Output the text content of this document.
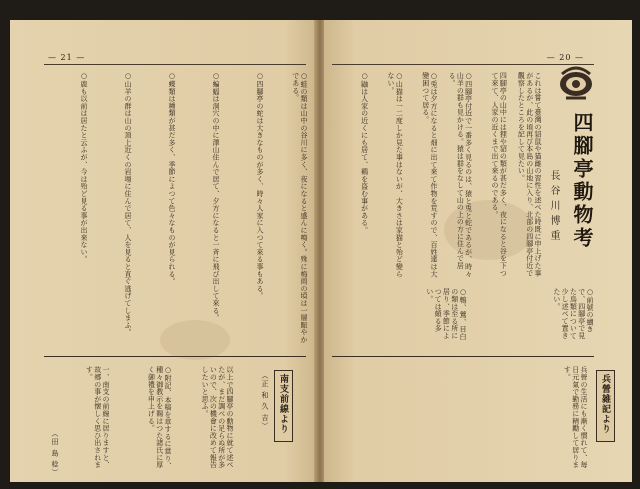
— 21 —
○蛙の類は山中の谷川に多く、夜になると盛んに鳴く。殊に梅雨の頃は一層賑やかである。
○四腳亭の蛇は大きなものが多く、時々人家に入つて來る事もある。
○蝙蝠は洞穴の中に澤山住んで居て、夕方になると一斉に飛び出して來る。
○蝶類は種類が甚だ多く、季節によつて色々なものが見られる。
○山羊の群は山の頂上近くの岩場に住んで居て、人を見ると直ぐ逃げてしまふ。
○鹿も以前は居たと云ふが、今は殆ど見る事が出來ない。
以上で四腳亭の動物に就て述べたが、まだ調べの足らぬ所が多いので、次の機會に改めて報告したいと思ふ。
○附記、本稿を草するに當り、種々御教示を賜はつた諸氏に厚く御禮を申上げる。
一、南支の前線に居りますと、故郷の事が懐しく思ひ出されます。
南支前線より
（正 和 久 吉）
（田 島 稔）
— 20 —
四腳亭動物考
長谷川博重
これは嘗て臺灣の貂鼠や猫雌の習性を述べた時既に申上げた事があるが、此の頃再び本島の山地に入り、北部の四腳亭付近で觀察したところを記して見たい。
四腳亭の山中には狸や貂の類が甚だ多く、夜になると谷を下つて來て、人家の近くまで出て來るのである。
○四腳亭付近で一番多く見るのは、猿と兎と蛇であるが、時々山羊の群も見かける。猿は群をなして山の上の方に住んで居る。
○兎は夕方になると畑に出て來て作物を荒すので、百姓達は大變困つて居る。
○山猫は一二度しか見た事はないが、大きさは家猫と殆ど變らない。
○鼬は人家の近くにも居て、鷄を盗む事がある。
○前號の續きで、四腳亭で見た鳥類について少し述べて置きたい。
○鵯、鶯、目白の類は至る所に居り、季節によつては頗る多い。
兵營雑記より
兵營の生活にも漸く慣れて、毎日元氣で勤務に精勵して居ります。
